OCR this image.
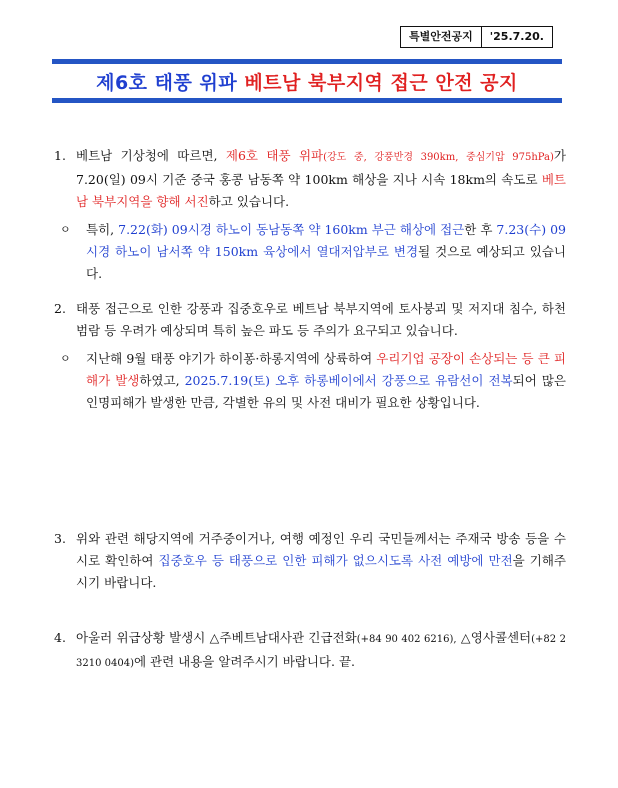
특별안전공지	'25.7.20.
제6호 태풍 위파 베트남 북부지역 접근 안전 공지
1. 베트남 기상청에 따르면, 제6호 태풍 위파(강도 중, 강풍반경 390km, 중심기압 975hPa)가 7.20(일) 09시 기준 중국 홍콩 남동쪽 약 100km 해상을 지나 시속 18km의 속도로 베트남 북부지역을 향해 서진하고 있습니다.
ㅇ	특히, 7.22(화) 09시경 하노이 동남동쪽 약 160km 부근 해상에 접근한 후 7.23(수) 09시경 하노이 남서쪽 약 150km 육상에서 열대저압부로 변경될 것으로 예상되고 있습니다.
2. 태풍 접근으로 인한 강풍과 집중호우로 베트남 북부지역에 토사붕괴 및 저지대 침수, 하천 범람 등 우려가 예상되며 특히 높은 파도 등 주의가 요구되고 있습니다.
ㅇ	지난해 9월 태풍 야기가 하이퐁·하롱지역에 상륙하여 우리기업 공장이 손상되는 등 큰 피해가 발생하였고, 2025.7.19(토) 오후 하롱베이에서 강풍으로 유람선이 전복되어 많은 인명피해가 발생한 만큼, 각별한 유의 및 사전 대비가 필요한 상황입니다.
3. 위와 관련 해당지역에 거주중이거나, 여행 예정인 우리 국민들께서는 주재국 방송 등을 수시로 확인하여 집중호우 등 태풍으로 인한 피해가 없으시도록 사전 예방에 만전을 기해주시기 바랍니다.
4. 아울러 위급상황 발생시 △주베트남대사관 긴급전화(+84 90 402 6216), △영사콜센터(+82 2 3210 0404)에 관련 내용을 알려주시기 바랍니다. 끝.
